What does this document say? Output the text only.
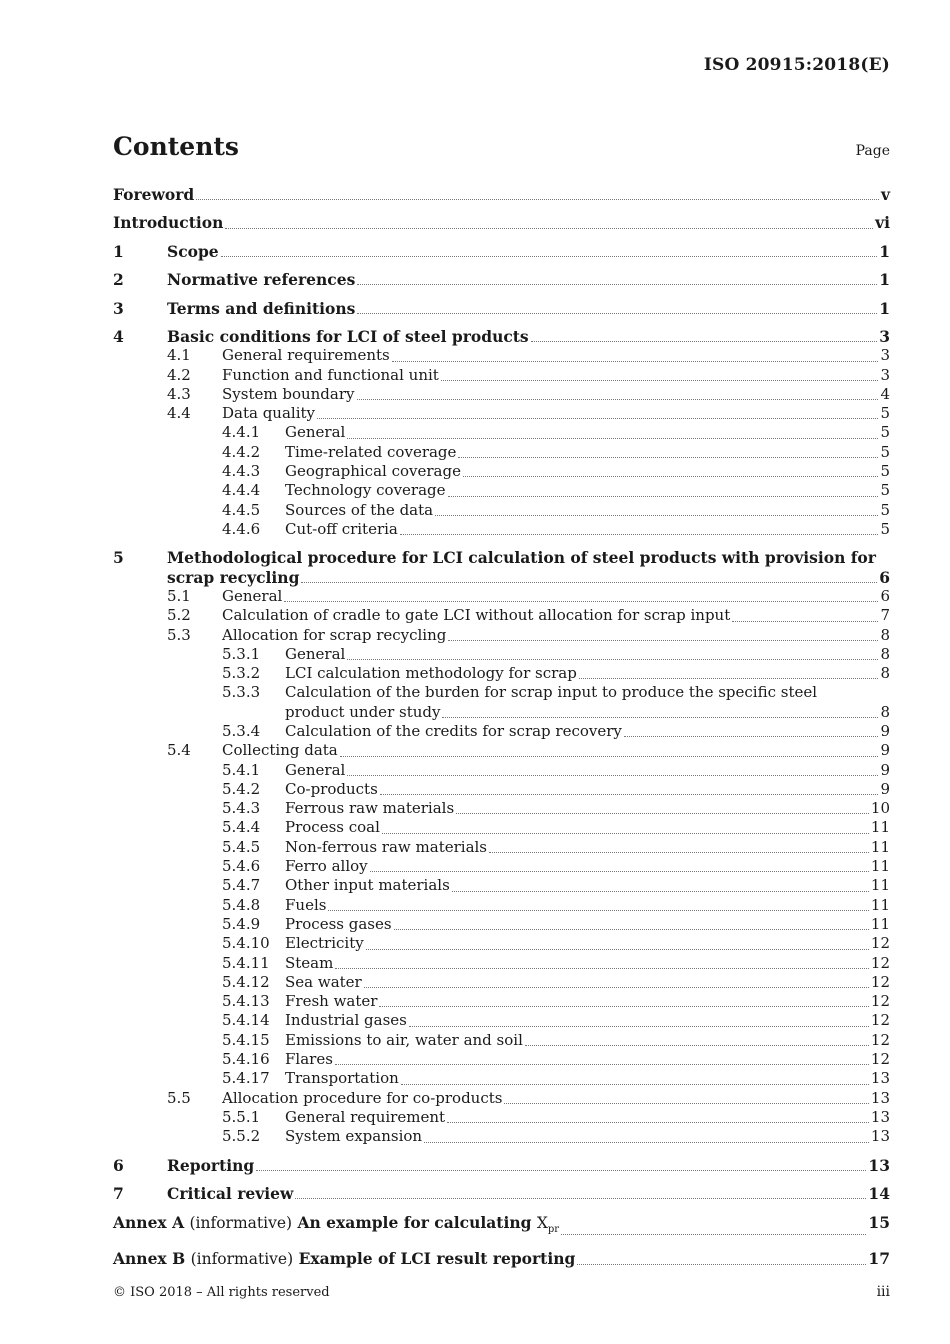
ISO 20915:2018(E)
Contents	Page
Foreword	v
Introduction	vi
1	Scope	1
2	Normative references	1
3	Terms and definitions	1
4	Basic conditions for LCI of steel products	3
4.1	General requirements	3
4.2	Function and functional unit	3
4.3	System boundary	4
4.4	Data quality	5
4.4.1	General	5
4.4.2	Time-related coverage	5
4.4.3	Geographical coverage	5
4.4.4	Technology coverage	5
4.4.5	Sources of the data	5
4.4.6	Cut-off criteria	5
5	Methodological procedure for LCI calculation of steel products with provision for
scrap recycling	6
5.1	General	6
5.2	Calculation of cradle to gate LCI without allocation for scrap input	7
5.3	Allocation for scrap recycling	8
5.3.1	General	8
5.3.2	LCI calculation methodology for scrap	8
5.3.3	Calculation of the burden for scrap input to produce the specific steel
product under study	8
5.3.4	Calculation of the credits for scrap recovery	9
5.4	Collecting data	9
5.4.1	General	9
5.4.2	Co-products	9
5.4.3	Ferrous raw materials	10
5.4.4	Process coal	11
5.4.5	Non-ferrous raw materials	11
5.4.6	Ferro alloy	11
5.4.7	Other input materials	11
5.4.8	Fuels	11
5.4.9	Process gases	11
5.4.10	Electricity	12
5.4.11	Steam	12
5.4.12	Sea water	12
5.4.13	Fresh water	12
5.4.14	Industrial gases	12
5.4.15	Emissions to air, water and soil	12
5.4.16	Flares	12
5.4.17	Transportation	13
5.5	Allocation procedure for co-products	13
5.5.1	General requirement	13
5.5.2	System expansion	13
6	Reporting	13
7	Critical review	14
Annex A (informative) An example for calculating $X_{pr}$	15
Annex B (informative) Example of LCI result reporting	17
© ISO 2018 – All rights reserved	iii
